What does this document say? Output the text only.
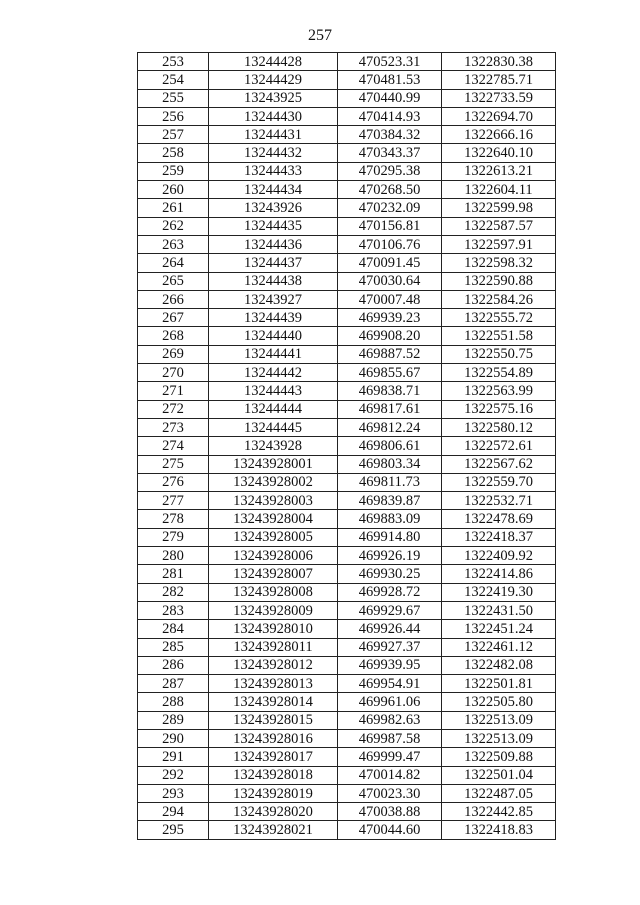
257
253	13244428	470523.31	1322830.38
254	13244429	470481.53	1322785.71
255	13243925	470440.99	1322733.59
256	13244430	470414.93	1322694.70
257	13244431	470384.32	1322666.16
258	13244432	470343.37	1322640.10
259	13244433	470295.38	1322613.21
260	13244434	470268.50	1322604.11
261	13243926	470232.09	1322599.98
262	13244435	470156.81	1322587.57
263	13244436	470106.76	1322597.91
264	13244437	470091.45	1322598.32
265	13244438	470030.64	1322590.88
266	13243927	470007.48	1322584.26
267	13244439	469939.23	1322555.72
268	13244440	469908.20	1322551.58
269	13244441	469887.52	1322550.75
270	13244442	469855.67	1322554.89
271	13244443	469838.71	1322563.99
272	13244444	469817.61	1322575.16
273	13244445	469812.24	1322580.12
274	13243928	469806.61	1322572.61
275	13243928001	469803.34	1322567.62
276	13243928002	469811.73	1322559.70
277	13243928003	469839.87	1322532.71
278	13243928004	469883.09	1322478.69
279	13243928005	469914.80	1322418.37
280	13243928006	469926.19	1322409.92
281	13243928007	469930.25	1322414.86
282	13243928008	469928.72	1322419.30
283	13243928009	469929.67	1322431.50
284	13243928010	469926.44	1322451.24
285	13243928011	469927.37	1322461.12
286	13243928012	469939.95	1322482.08
287	13243928013	469954.91	1322501.81
288	13243928014	469961.06	1322505.80
289	13243928015	469982.63	1322513.09
290	13243928016	469987.58	1322513.09
291	13243928017	469999.47	1322509.88
292	13243928018	470014.82	1322501.04
293	13243928019	470023.30	1322487.05
294	13243928020	470038.88	1322442.85
295	13243928021	470044.60	1322418.83
